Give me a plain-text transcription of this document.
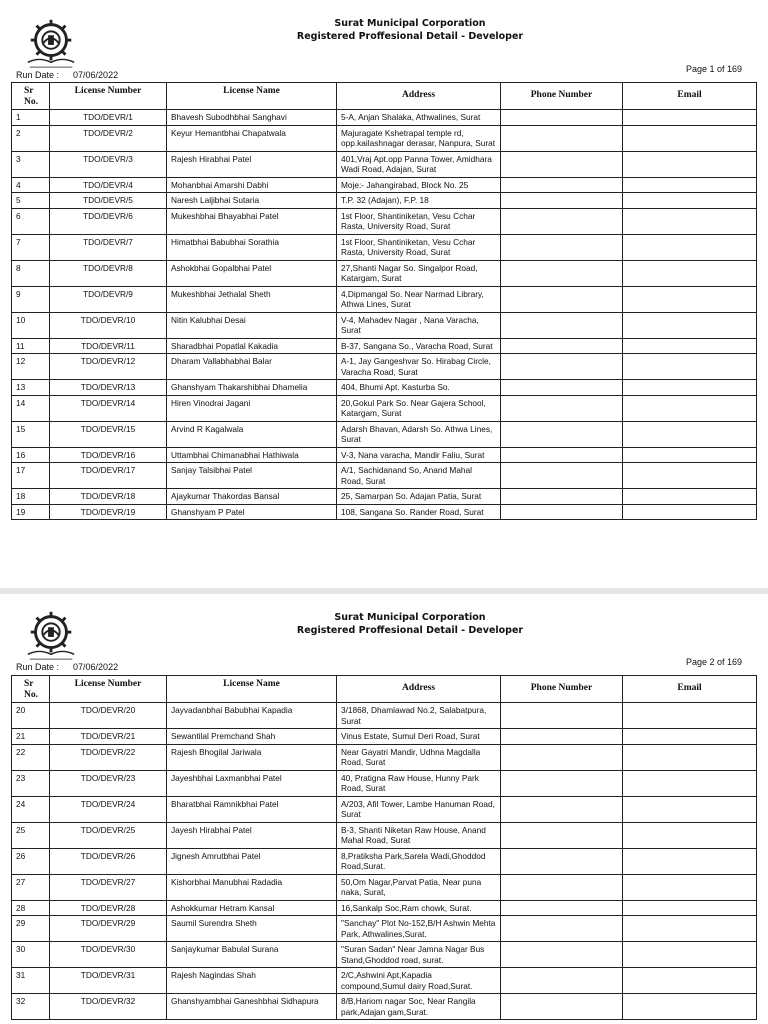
Surat Municipal Corporation
Registered Proffesional Detail - Developer
Run Date : 07/06/2022
Page 1 of 169
Sr No.	License Number	License Name	Address	Phone Number	Email
1	TDO/DEVR/1	Bhavesh Subodhbhai Sanghavi	5-A, Anjan Shalaka, Athwalines, Surat		
2	TDO/DEVR/2	Keyur Hemantbhai Chapatwala	Majuragate Kshetrapal temple rd, opp.kailashnagar derasar, Nanpura, Surat		
3	TDO/DEVR/3	Rajesh Hirabhai Patel	401,Vraj Apt.opp Panna Tower, Amidhara Wadi Road, Adajan, Surat		
4	TDO/DEVR/4	Mohanbhai Amarshi Dabhi	Moje:- Jahangirabad, Block No. 25		
5	TDO/DEVR/5	Naresh Laljibhai Sutaria	T.P. 32 (Adajan), F.P. 18		
6	TDO/DEVR/6	Mukeshbhai Bhayabhai Patel	1st Floor, Shantiniketan, Vesu Cchar Rasta, University Road, Surat		
7	TDO/DEVR/7	Himatbhai Babubhai Sorathia	1st Floor, Shantiniketan, Vesu Cchar Rasta, University Road, Surat		
8	TDO/DEVR/8	Ashokbhai Gopalbhai Patel	27,Shanti Nagar So. Singalpor Road, Katargam, Surat		
9	TDO/DEVR/9	Mukeshbhai Jethalal Sheth	4,Dipmangal So. Near Narmad Library, Athwa Lines, Surat		
10	TDO/DEVR/10	Nitin Kalubhai Desai	V-4, Mahadev Nagar , Nana Varacha, Surat		
11	TDO/DEVR/11	Sharadbhai Popatlal Kakadia	B-37, Sangana So., Varacha Road, Surat		
12	TDO/DEVR/12	Dharam Vallabhabhai Balar	A-1, Jay Gangeshvar So. Hirabag Circle, Varacha Road, Surat		
13	TDO/DEVR/13	Ghanshyam Thakarshibhai Dhamelia	404, Bhumi Apt. Kasturba So.		
14	TDO/DEVR/14	Hiren Vinodrai Jagani	20,Gokul Park So. Near Gajera School, Katargam, Surat		
15	TDO/DEVR/15	Arvind R Kagalwala	Adarsh Bhavan, Adarsh So. Athwa Lines, Surat		
16	TDO/DEVR/16	Uttambhai Chimanabhai Hathiwala	V-3, Nana varacha, Mandir Faliu, Surat		
17	TDO/DEVR/17	Sanjay Talsibhai Patel	A/1, Sachidanand So, Anand Mahal Road, Surat		
18	TDO/DEVR/18	Ajaykumar Thakordas Bansal	25, Samarpan So. Adajan Patia, Surat		
19	TDO/DEVR/19	Ghanshyam P Patel	108, Sangana So. Rander Road, Surat		
Surat Municipal Corporation
Registered Proffesional Detail - Developer
Run Date : 07/06/2022	Page 2 of 169
Sr No.	License Number	License Name	Address	Phone Number	Email
20	TDO/DEVR/20	Jayvadanbhai Babubhai Kapadia	3/1868, Dhamlawad No.2, Salabatpura, Surat		
21	TDO/DEVR/21	Sewantilal Premchand Shah	Vinus Estate, Sumul Deri Road, Surat		
22	TDO/DEVR/22	Rajesh Bhogilal Jariwala	Near Gayatri Mandir, Udhna Magdalla Road, Surat		
23	TDO/DEVR/23	Jayeshbhai Laxmanbhai Patel	40, Pratigna Raw House, Hunny Park Road, Surat		
24	TDO/DEVR/24	Bharatbhai Ramnikbhai Patel	A/203, Afil Tower, Lambe Hanuman Road, Surat		
25	TDO/DEVR/25	Jayesh Hirabhai Patel	B-3, Shanti Niketan Raw House, Anand Mahal Road, Surat		
26	TDO/DEVR/26	Jignesh Amrutbhai Patel	8,Pratiksha Park,Sarela Wadi,Ghoddod Road,Surat.		
27	TDO/DEVR/27	Kishorbhai Manubhai Radadia	50,Om Nagar,Parvat Patia, Near puna naka, Surat,		
28	TDO/DEVR/28	Ashokkumar Hetram Kansal	16,Sankalp Soc,Ram chowk, Surat.		
29	TDO/DEVR/29	Saumil Surendra Sheth	"Sanchay" Plot No-152,B/H Ashwin Mehta Park, Athwalines,Surat.		
30	TDO/DEVR/30	Sanjaykumar Babulal Surana	"Suran Sadan" Near Jamna Nagar Bus Stand,Ghoddod road, surat.		
31	TDO/DEVR/31	Rajesh Nagindas Shah	2/C,Ashwini Apt,Kapadia compound,Sumul dairy Road,Surat.		
32	TDO/DEVR/32	Ghanshyambhai Ganeshbhai Sidhapura	8/B,Hariom nagar Soc, Near Rangila park,Adajan gam,Surat.		
